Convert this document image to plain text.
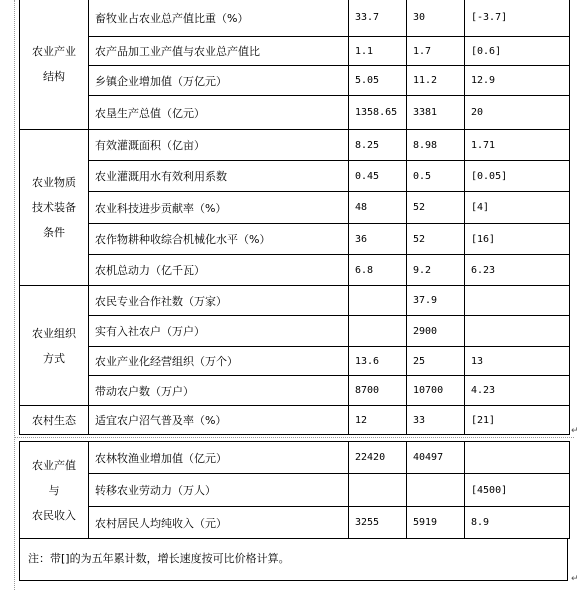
农业产业
结构	畜牧业占农业总产值比重（%）	33.7	30	[-3.7]
	农产品加工业产值与农业总产值比	1.1	1.7	[0.6]
	乡镇企业增加值（万亿元）	5.05	11.2	12.9
	农垦生产总值（亿元）	1358.65	3381	20

农业物质
技术装备
条件	有效灌溉面积（亿亩）	8.25	8.98	1.71
	农业灌溉用水有效利用系数	0.45	0.5	[0.05]
	农业科技进步贡献率（%）	48	52	[4]
	农作物耕种收综合机械化水平（%）	36	52	[16]
	农机总动力（亿千瓦）	6.8	9.2	6.23

农业组织
方式	农民专业合作社数（万家）		37.9	
	实有入社农户（万户）		2900	
	农业产业化经营组织（万个）	13.6	25	13
	带动农户数（万户）	8700	10700	4.23

农村生态	适宜农户沼气普及率（%）	12	33	[21]
↵
农业产值
与
农民收入	农林牧渔业增加值（亿元）	22420	40497	
	转移农业劳动力（万人）			[4500]
	农村居民人均纯收入（元）	3255	5919	8.9
注：带[]的为五年累计数，增长速度按可比价格计算。
↵
